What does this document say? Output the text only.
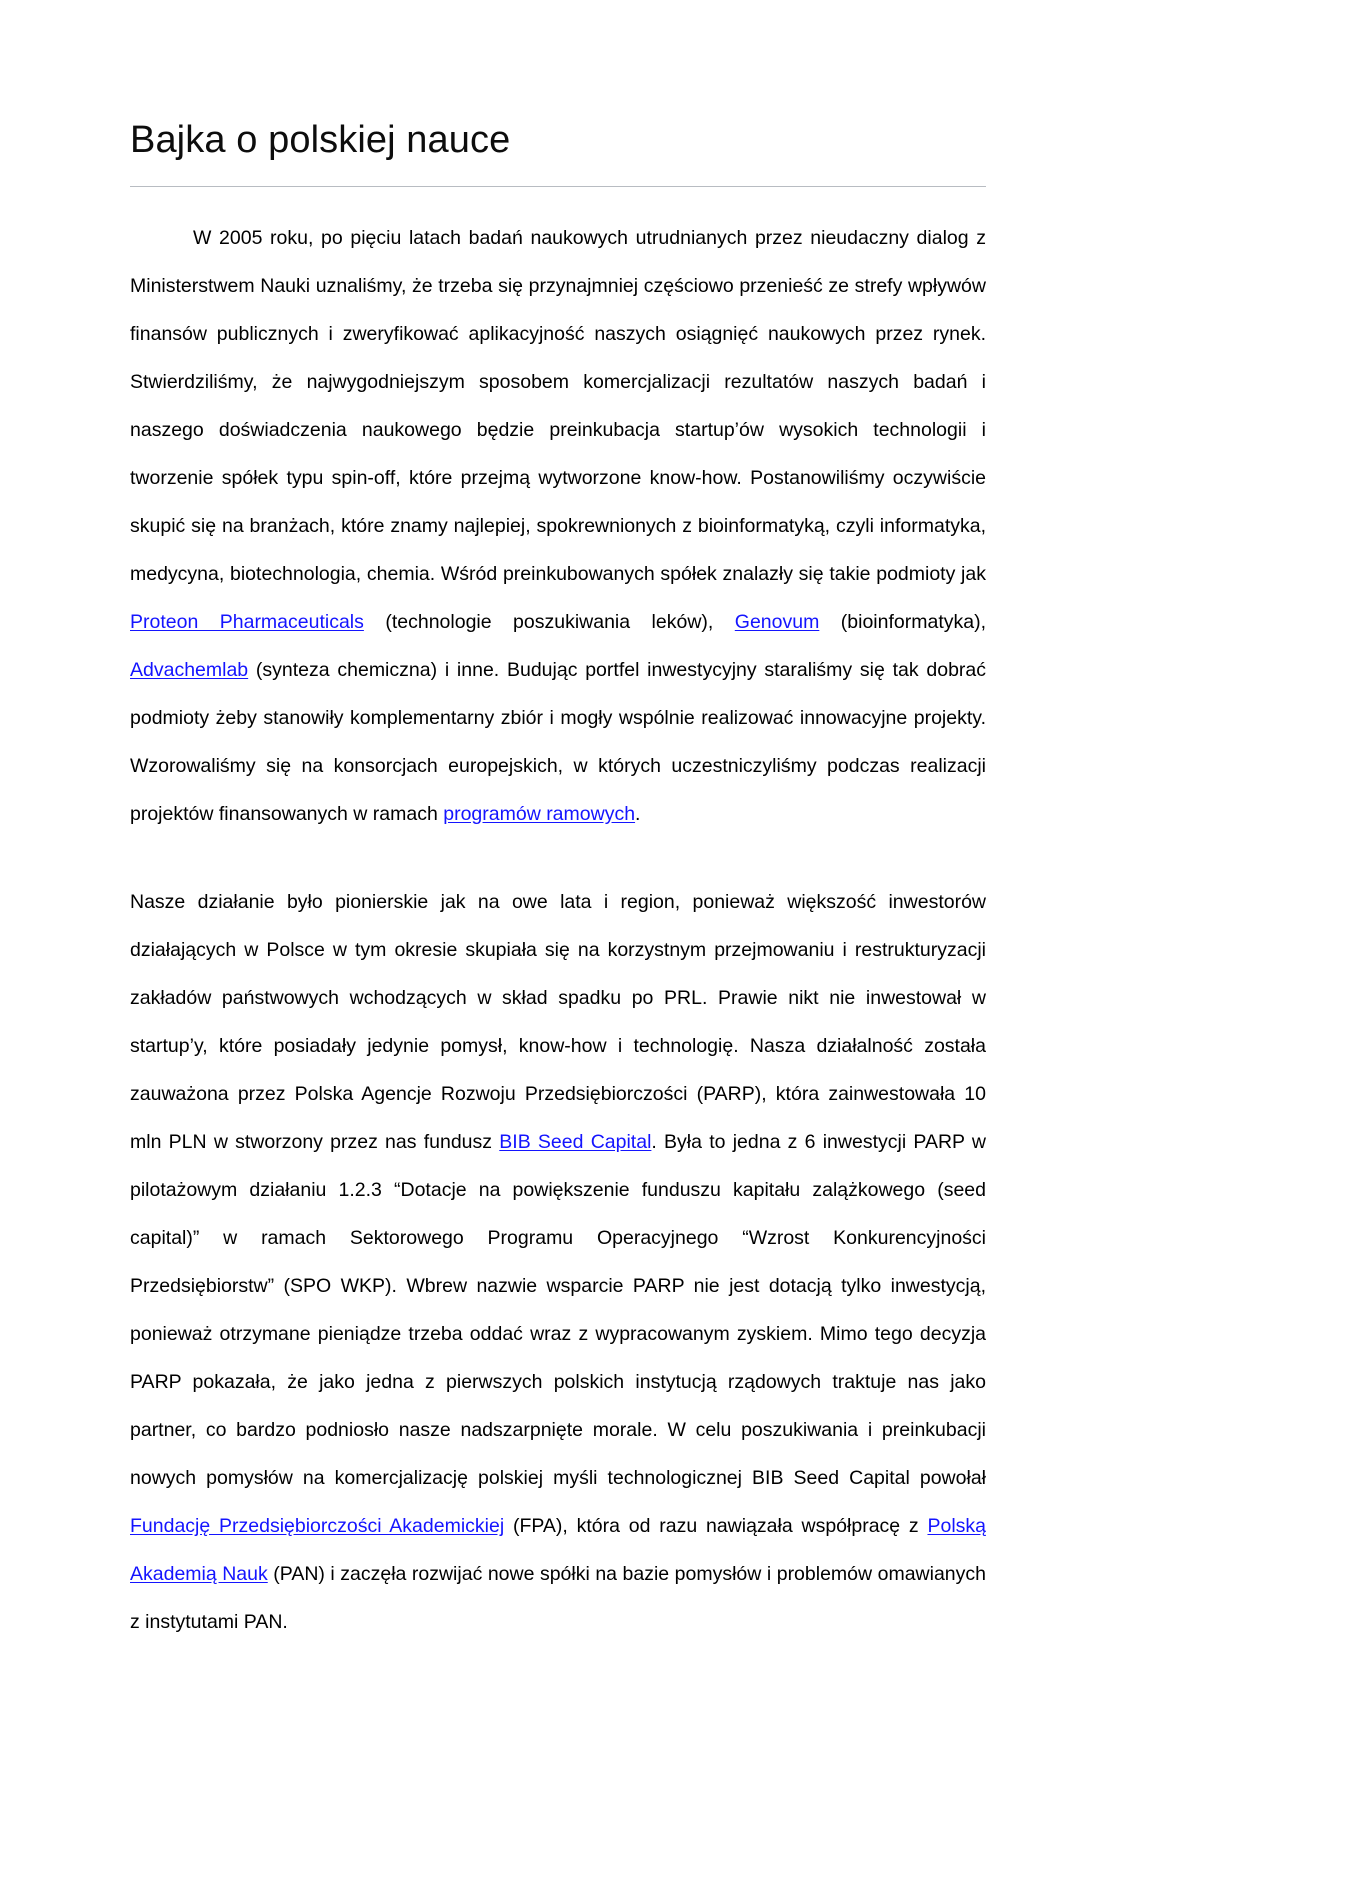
Bajka o polskiej nauce

W 2005 roku, po pięciu latach badań naukowych utrudnianych przez nieudaczny dialog z Ministerstwem Nauki uznaliśmy, że trzeba się przynajmniej częściowo przenieść ze strefy wpływów finansów publicznych i zweryfikować aplikacyjność naszych osiągnięć naukowych przez rynek. Stwierdziliśmy, że najwygodniejszym sposobem komercjalizacji rezultatów naszych badań i naszego doświadczenia naukowego będzie preinkubacja startup’ów wysokich technologii i tworzenie spółek typu spin-off, które przejmą wytworzone know-how. Postanowiliśmy oczywiście skupić się na branżach, które znamy najlepiej, spokrewnionych z bioinformatyką, czyli informatyka, medycyna, biotechnologia, chemia. Wśród preinkubowanych spółek znalazły się takie podmioty jak Proteon Pharmaceuticals (technologie poszukiwania leków), Genovum (bioinformatyka), Advachemlab (synteza chemiczna) i inne. Budując portfel inwestycyjny staraliśmy się tak dobrać podmioty żeby stanowiły komplementarny zbiór i mogły wspólnie realizować innowacyjne projekty. Wzorowaliśmy się na konsorcjach europejskich, w których uczestniczyliśmy podczas realizacji projektów finansowanych w ramach programów ramowych.

Nasze działanie było pionierskie jak na owe lata i region, ponieważ większość inwestorów działających w Polsce w tym okresie skupiała się na korzystnym przejmowaniu i restrukturyzacji zakładów państwowych wchodzących w skład spadku po PRL. Prawie nikt nie inwestował w startup’y, które posiadały jedynie pomysł, know-how i technologię. Nasza działalność została zauważona przez Polska Agencje Rozwoju Przedsiębiorczości (PARP), która zainwestowała 10 mln PLN w stworzony przez nas fundusz BIB Seed Capital. Była to jedna z 6 inwestycji PARP w pilotażowym działaniu 1.2.3 “Dotacje na powiększenie funduszu kapitału zalążkowego (seed capital)” w ramach Sektorowego Programu Operacyjnego “Wzrost Konkurencyjności Przedsiębiorstw” (SPO WKP). Wbrew nazwie wsparcie PARP nie jest dotacją tylko inwestycją, ponieważ otrzymane pieniądze trzeba oddać wraz z wypracowanym zyskiem. Mimo tego decyzja PARP pokazała, że jako jedna z pierwszych polskich instytucją rządowych traktuje nas jako partner, co bardzo podniosło nasze nadszarpnięte morale. W celu poszukiwania i preinkubacji nowych pomysłów na komercjalizację polskiej myśli technologicznej BIB Seed Capital powołał Fundację Przedsiębiorczości Akademickiej (FPA), która od razu nawiązała współpracę z Polską Akademią Nauk (PAN) i zaczęła rozwijać nowe spółki na bazie pomysłów i problemów omawianych z instytutami PAN.
